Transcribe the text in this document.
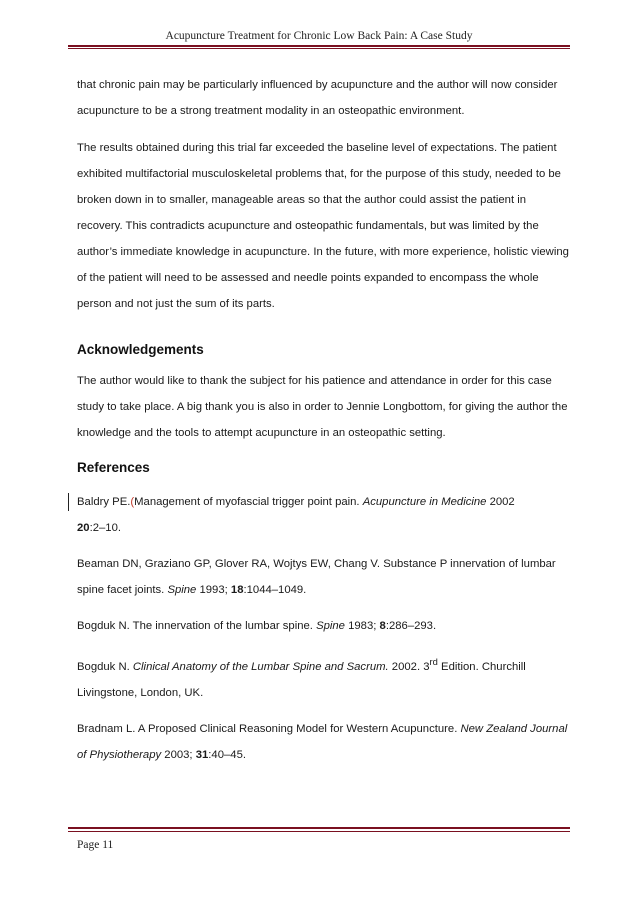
Acupuncture Treatment for Chronic Low Back Pain: A Case Study

that chronic pain may be particularly influenced by acupuncture and the author will now consider acupuncture to be a strong treatment modality in an osteopathic environment.

The results obtained during this trial far exceeded the baseline level of expectations. The patient exhibited multifactorial musculoskeletal problems that, for the purpose of this study, needed to be broken down in to smaller, manageable areas so that the author could assist the patient in recovery. This contradicts acupuncture and osteopathic fundamentals, but was limited by the author’s immediate knowledge in acupuncture. In the future, with more experience, holistic viewing of the patient will need to be assessed and needle points expanded to encompass the whole person and not just the sum of its parts.

Acknowledgements

The author would like to thank the subject for his patience and attendance in order for this case study to take place. A big thank you is also in order to Jennie Longbottom, for giving the author the knowledge and the tools to attempt acupuncture in an osteopathic setting.

References
Baldry PE.(Management of myofascial trigger point pain. Acupuncture in Medicine 2002
20:2–10.
Beaman DN, Graziano GP, Glover RA, Wojtys EW, Chang V. Substance P innervation of lumbar spine facet joints. Spine 1993; 18:1044–1049.
Bogduk N. The innervation of the lumbar spine. Spine 1983; 8:286–293.
Bogduk N. Clinical Anatomy of the Lumbar Spine and Sacrum. 2002. 3rd Edition. Churchill Livingstone, London, UK.
Bradnam L. A Proposed Clinical Reasoning Model for Western Acupuncture. New Zealand Journal of Physiotherapy 2003; 31:40–45.
Page 11
